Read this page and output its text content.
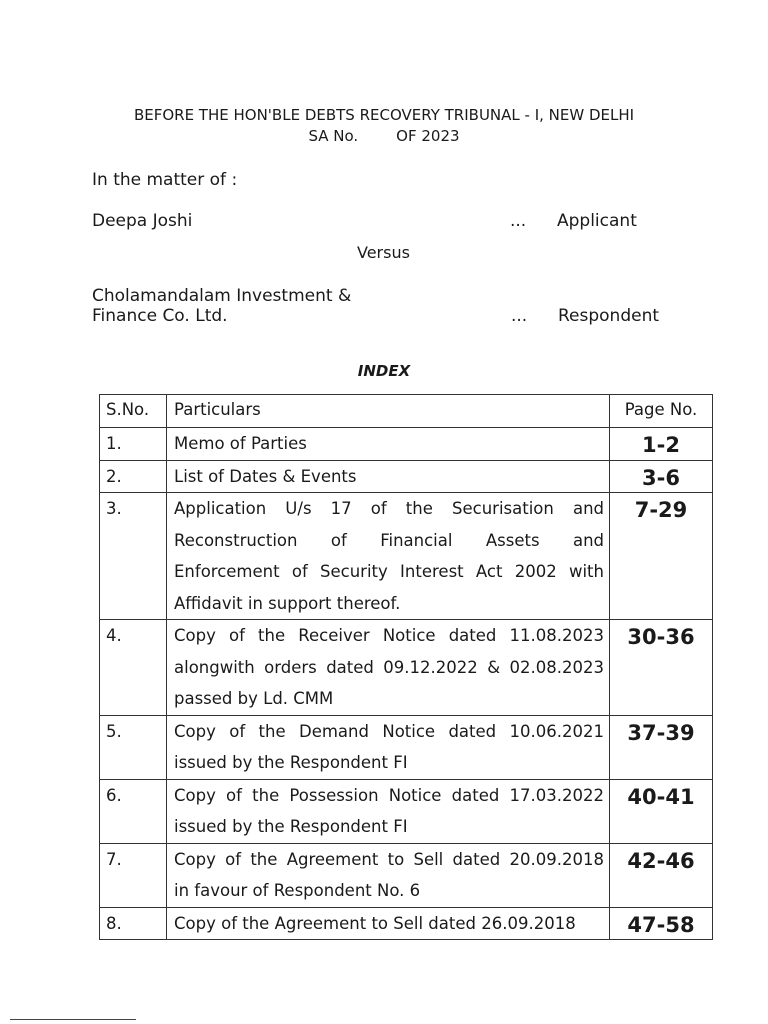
BEFORE THE HON'BLE DEBTS RECOVERY TRIBUNAL - I, NEW DELHI
SA No.	OF 2023
In the matter of :
Deepa Joshi	... Applicant
Versus
Cholamandalam Investment &
Finance Co. Ltd.	... Respondent
INDEX
S.No.	Particulars	Page No.

1.	Memo of Parties	1-2

2.	List of Dates & Events	3-6

3.	Application U/s 17 of the Securisation and
Reconstruction of Financial Assets and
Enforcement of Security Interest Act 2002 with
Affidavit in support thereof.	7-29

4.	Copy of the Receiver Notice dated 11.08.2023
alongwith orders dated 09.12.2022 & 02.08.2023
passed by Ld. CMM	30-36

5.	Copy of the Demand Notice dated 10.06.2021
issued by the Respondent FI	37-39

6.	Copy of the Possession Notice dated 17.03.2022
issued by the Respondent FI	40-41

7.	Copy of the Agreement to Sell dated 20.09.2018
in favour of Respondent No. 6	42-46

8.	Copy of the Agreement to Sell dated 26.09.2018	47-58
